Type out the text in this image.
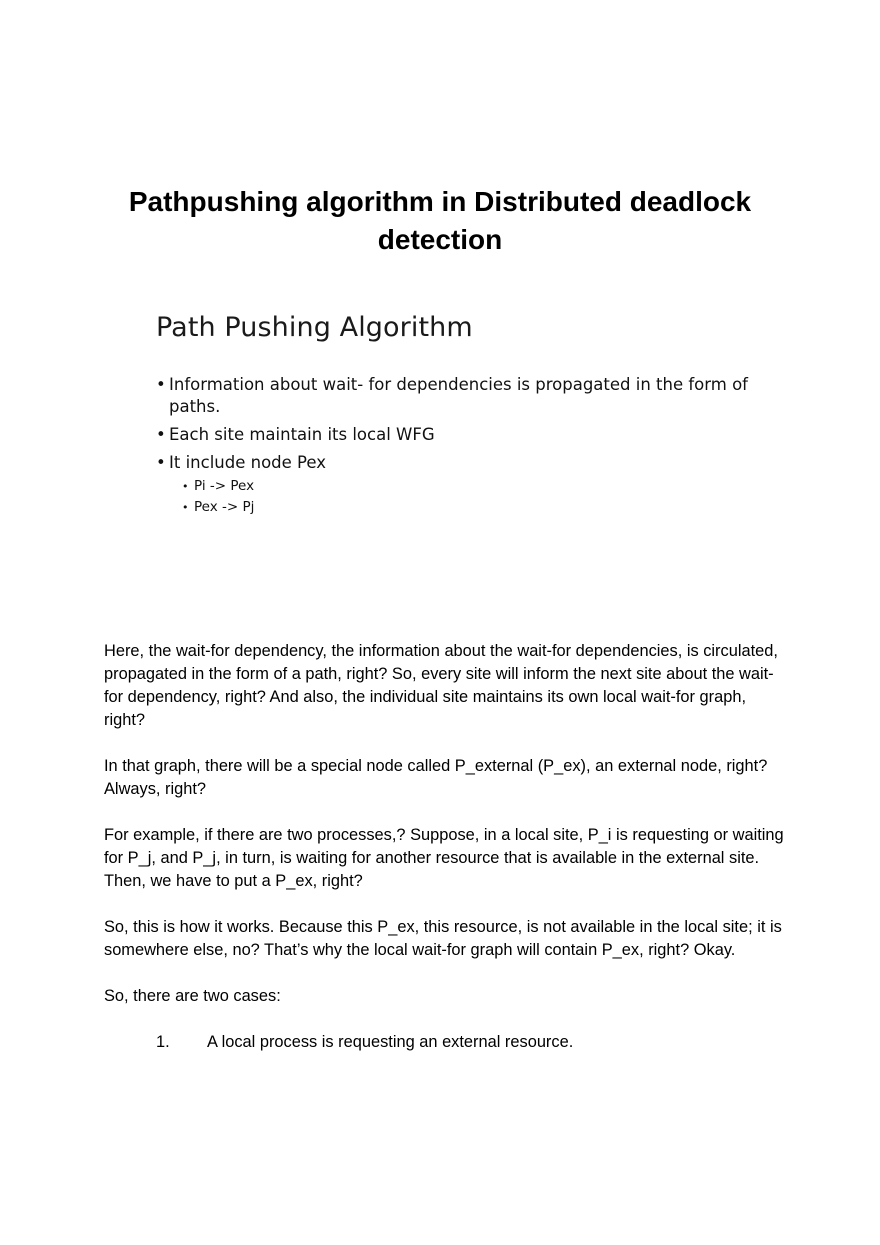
Pathpushing algorithm in Distributed deadlock
detection
Path Pushing Algorithm
• Information about wait- for dependencies is propagated in the form of paths.
• Each site maintain its local WFG
• It include node Pex
• Pi -> Pex
• Pex -> Pj

Here, the wait-for dependency, the information about the wait-for dependencies, is circulated, propagated in the form of a path, right? So, every site will inform the next site about the wait-for dependency, right? And also, the individual site maintains its own local wait-for graph, right?

In that graph, there will be a special node called P_external (P_ex), an external node, right? Always, right?

For example, if there are two processes,? Suppose, in a local site, P_i is requesting or waiting for P_j, and P_j, in turn, is waiting for another resource that is available in the external site. Then, we have to put a P_ex, right?

So, this is how it works. Because this P_ex, this resource, is not available in the local site; it is somewhere else, no? That’s why the local wait-for graph will contain P_ex, right? Okay.

So, there are two cases:

1. A local process is requesting an external resource.
